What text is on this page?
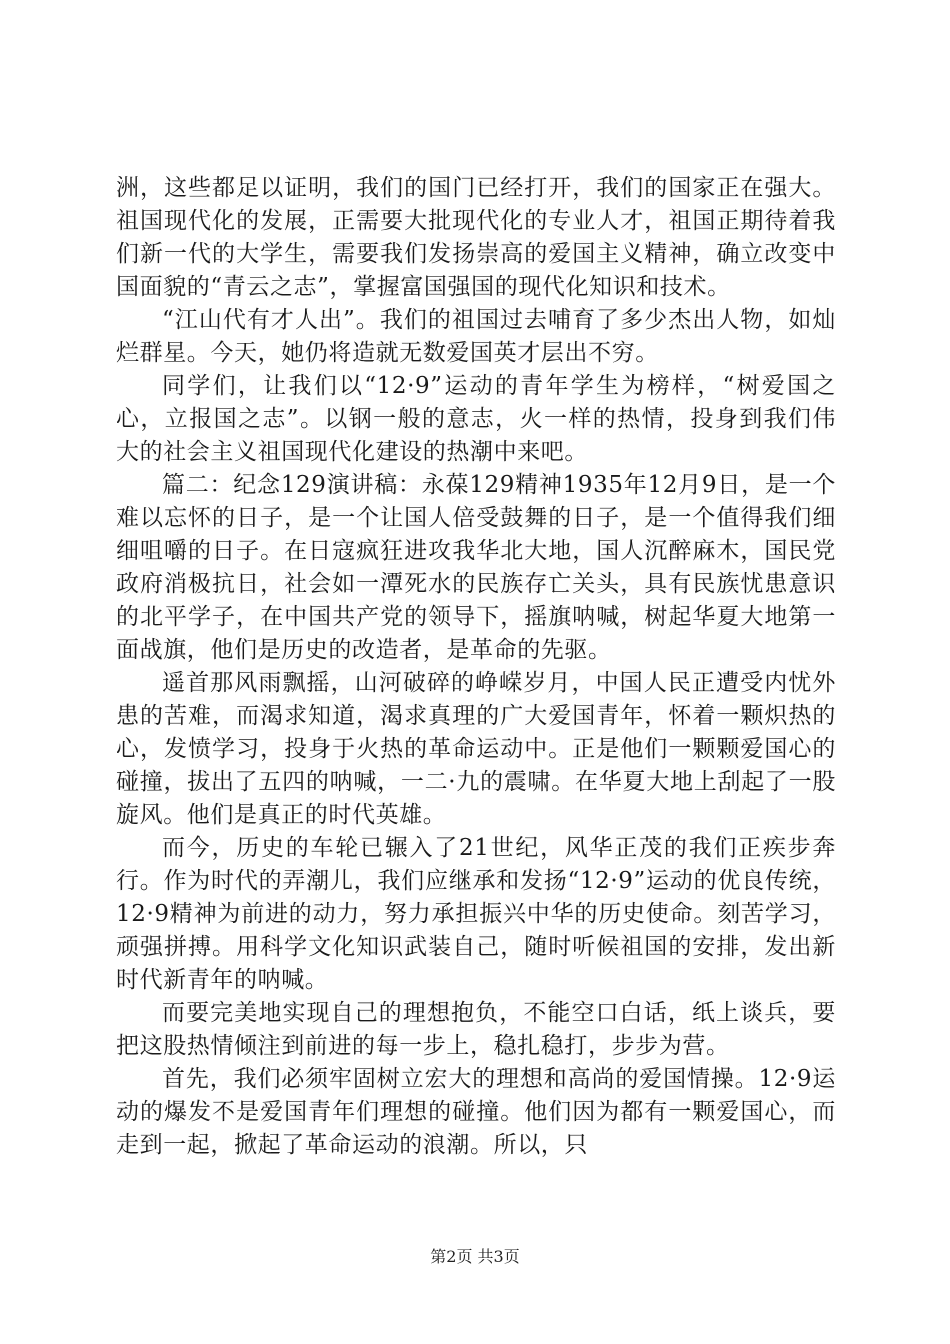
洲，这些都足以证明，我们的国门已经打开，我们的国家正在强大。祖国现代化的发展，正需要大批现代化的专业人才，祖国正期待着我们新一代的大学生，需要我们发扬崇高的爱国主义精神，确立改变中国面貌的“青云之志”，掌握富国强国的现代化知识和技术。

“江山代有才人出”。我们的祖国过去哺育了多少杰出人物，如灿烂群星。今天，她仍将造就无数爱国英才层出不穷。

同学们，让我们以“12·9”运动的青年学生为榜样，“树爱国之心，立报国之志”。以钢一般的意志，火一样的热情，投身到我们伟大的社会主义祖国现代化建设的热潮中来吧。

篇二：纪念129演讲稿：永葆129精神1935年12月9日，是一个难以忘怀的日子，是一个让国人倍受鼓舞的日子，是一个值得我们细细咀嚼的日子。在日寇疯狂进攻我华北大地，国人沉醉麻木，国民党政府消极抗日，社会如一潭死水的民族存亡关头，具有民族忧患意识的北平学子，在中国共产党的领导下，摇旗呐喊，树起华夏大地第一面战旗，他们是历史的改造者，是革命的先驱。

遥首那风雨飘摇，山河破碎的峥嵘岁月，中国人民正遭受内忧外患的苦难，而渴求知道，渴求真理的广大爱国青年，怀着一颗炽热的心，发愤学习，投身于火热的革命运动中。正是他们一颗颗爱国心的碰撞，拔出了五四的呐喊，一二·九的震啸。在华夏大地上刮起了一股旋风。他们是真正的时代英雄。

而今，历史的车轮已辗入了21世纪，风华正茂的我们正疾步奔行。作为时代的弄潮儿，我们应继承和发扬“12·9”运动的优良传统，12·9精神为前进的动力，努力承担振兴中华的历史使命。刻苦学习，顽强拼搏。用科学文化知识武装自己，随时听候祖国的安排，发出新时代新青年的呐喊。

而要完美地实现自己的理想抱负，不能空口白话，纸上谈兵，要把这股热情倾注到前进的每一步上，稳扎稳打，步步为营。

首先，我们必须牢固树立宏大的理想和高尚的爱国情操。12·9运动的爆发不是爱国青年们理想的碰撞。他们因为都有一颗爱国心，而走到一起，掀起了革命运动的浪潮。所以，只

第2页 共3页
